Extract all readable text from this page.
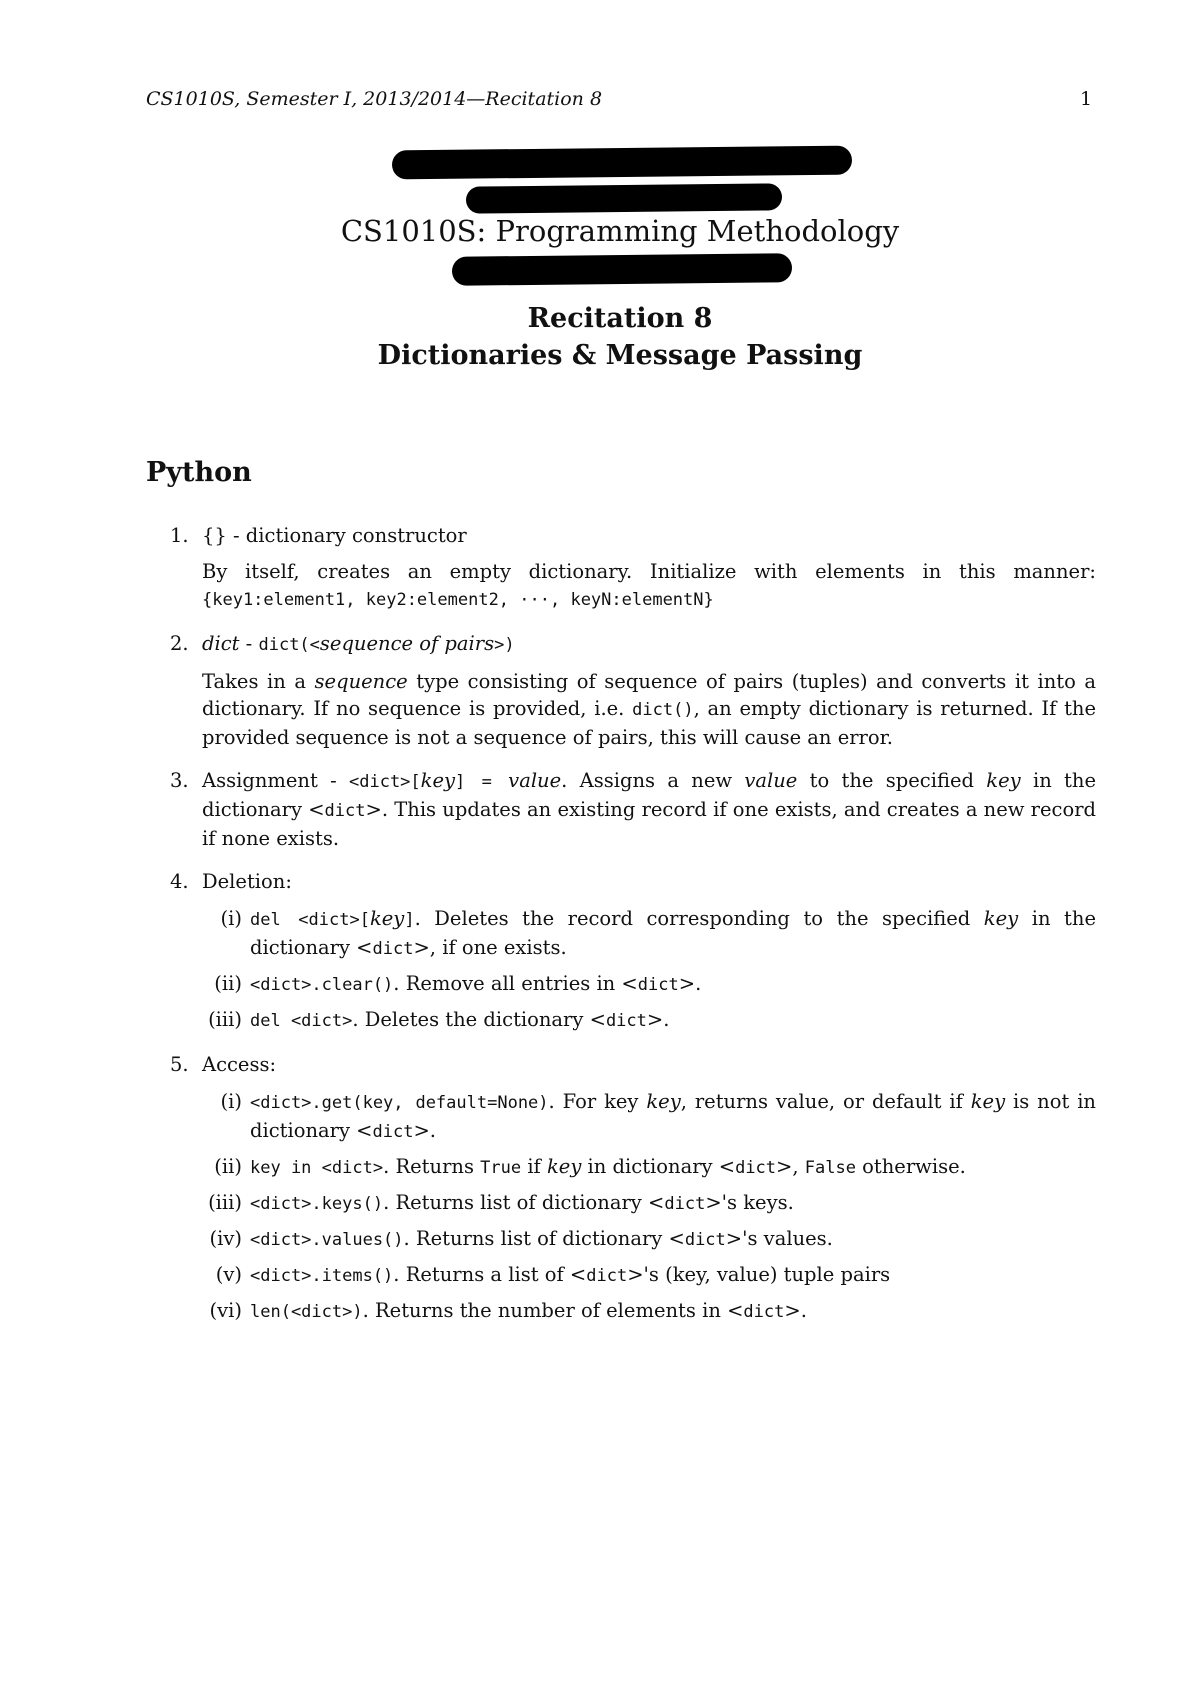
CS1010S, Semester I, 2013/2014—Recitation 8	1
CS1010S: Programming Methodology
Recitation 8
Dictionaries & Message Passing
Python
1. {} - dictionary constructor

By itself, creates an empty dictionary. Initialize with elements in this manner: {key1:element1, key2:element2, ···, keyN:elementN}

2. dict - dict(<sequence of pairs>)

Takes in a sequence type consisting of sequence of pairs (tuples) and converts it into a dictionary. If no sequence is provided, i.e. dict(), an empty dictionary is returned. If the provided sequence is not a sequence of pairs, this will cause an error.

3. Assignment - <dict>[key] = value. Assigns a new value to the specified key in the dictionary <dict>. This updates an existing record if one exists, and creates a new record if none exists.

4. Deletion:

(i) del <dict>[key]. Deletes the record corresponding to the specified key in the dictionary <dict>, if one exists.

(ii) <dict>.clear(). Remove all entries in <dict>.

(iii) del <dict>. Deletes the dictionary <dict>.

5. Access:

(i) <dict>.get(key, default=None). For key key, returns value, or default if key is not in dictionary <dict>.

(ii) key in <dict>. Returns True if key in dictionary <dict>, False otherwise.

(iii) <dict>.keys(). Returns list of dictionary <dict>'s keys.

(iv) <dict>.values(). Returns list of dictionary <dict>'s values.

(v) <dict>.items(). Returns a list of <dict>'s (key, value) tuple pairs

(vi) len(<dict>). Returns the number of elements in <dict>.
